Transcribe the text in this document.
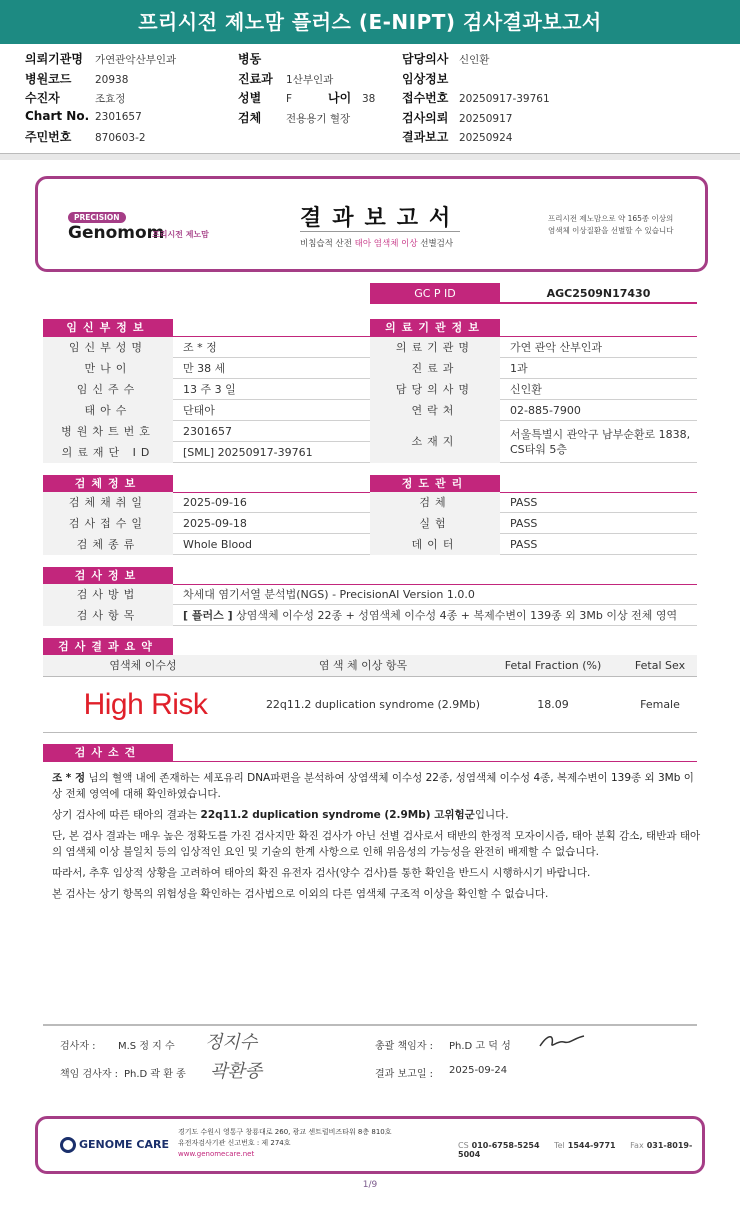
프리시전 제노맘 플러스 (E-NIPT) 검사결과보고서
의뢰기관명 가연관악산부인과
병원코드 20938
수진자	조효정
Chart No. 2301657
주민번호 870603-2
병동
진료과 1산부인과
성별 F	나이 38
검체 전용용기 혈장
담당의사 신인환
임상정보
접수번호 20250917-39761
검사의뢰 20250917
결과보고 20250924
PRECISION
Genomom
프리시전 제노맘
결과보고서
비침습적 산전 태아 염색체 이상 선별검사
프리시전 제노맘으로 약 165종 이상의
염색체 이상질환을 선별할 수 있습니다
GC P ID	AGC2509N17430
임신부정보	의료기관정보
임신부성명	조 * 정
만나이	만 38 세
임신주수	13 주 3 일
태아수	단태아
병원차트번호	2301657
의료재단 ID	[SML] 20250917-39761
의료기관명	가연 관악 산부인과
진료과	1과
담당의사명	신인환
연락처	02-885-7900
소재지
서울특별시 관악구 남부순환로 1838,
CS타워 5층
검체정보	정도관리
검체채취일	2025-09-16
검사접수일	2025-09-18
검체종류	Whole Blood
검체	PASS
실험	PASS
데이터	PASS
검사정보
검사방법	차세대 염기서열 분석법(NGS) - PrecisionAI Version 1.0.0
검사항목	[ 플러스 ] 상염색체 이수성 22종 + 성염색체 이수성 4종 + 복제수변이 139종 외 3Mb 이상 전체 영역
검사결과요약
염색체 이수성	염 색 체 이상 항목	Fetal Fraction (%)	Fetal Sex
High Risk	22q11.2 duplication syndrome (2.9Mb)	18.09	Female
검사소견

조 * 정 님의 혈액 내에 존재하는 세포유리 DNA파편을 분석하여 상염색체 이수성 22종, 성염색체 이수성 4종, 복제수변이 139종 외 3Mb 이상 전체 영역에 대해 확인하였습니다.

상기 검사에 따른 태아의 결과는 22q11.2 duplication syndrome (2.9Mb) 고위험군입니다.

단, 본 검사 결과는 매우 높은 정확도를 가진 검사지만 확진 검사가 아닌 선별 검사로서 태반의 한정적 모자이시즘, 태아 분획 감소, 태반과 태아의 염색체 이상 불일치 등의 임상적인 요인 및 기술의 한계 사항으로 인해 위음성의 가능성을 완전히 배제할 수 없습니다.

따라서, 추후 임상적 상황을 고려하여 태아의 확진 유전자 검사(양수 검사)를 통한 확인을 반드시 시행하시기 바랍니다.

본 검사는 상기 항목의 위험성을 확인하는 검사법으로 이외의 다른 염색체 구조적 이상을 확인할 수 없습니다.

검사자 : M.S 정 지 수 정지수
책임 검사자 : Ph.D 곽 환 종 곽환종
총괄 책임자 : Ph.D 고 덕 성
결과 보고일 : 2025-09-24
GENOME CARE
경기도 수원시 영통구 창룡대로 260, 광교 센트럴비즈타워 8층 810호
유전자검사기관 신고번호 : 제 274호
www.genomecare.net
CS 010-6758-5254 Tel 1544-9771 Fax 031-8019-5004
1/9
